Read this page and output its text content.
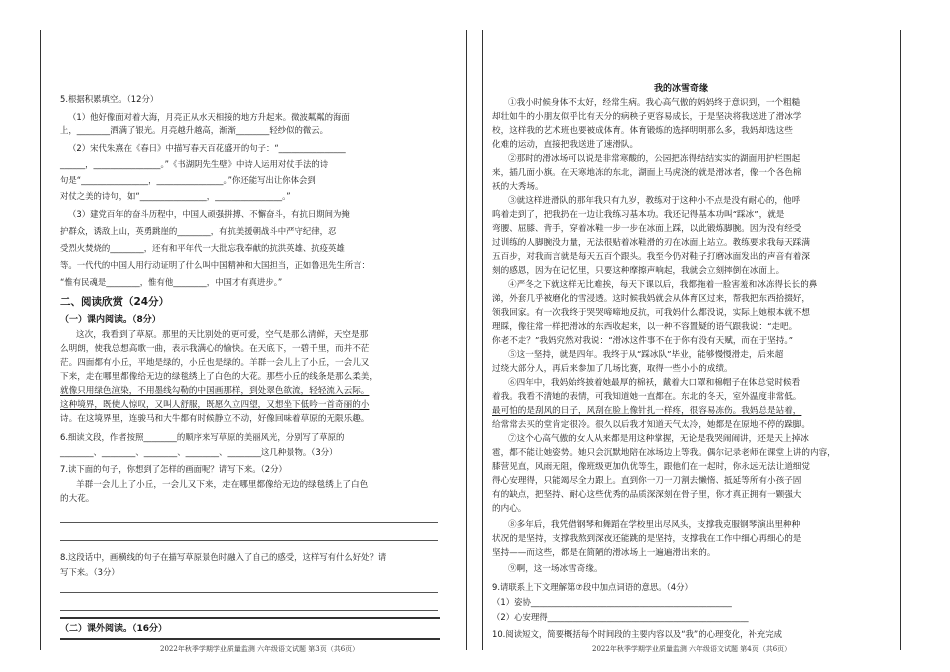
5.根据积累填空。（12分）
（1）他好像面对着大海，月亮正从水天相接的地方升起来。微波粼粼的海面
上，________洒满了银光。月亮越升越高，渐渐________轻纱似的微云。
（2）宋代朱熹在《春日》中描写春天百花盛开的句子：“________________
______，________________。”《书湖阴先生壁》中诗人运用对仗手法的诗
句是“________________，________________。”你还能写出让你体会到
对仗之美的诗句，如“________________，________________。”
（3）建党百年的奋斗历程中，中国人顽强拼搏、不懈奋斗，有抗日期间为掩
护群众，诱敌上山，英勇跳崖的________，有抗美援朝战斗中严守纪律，忍
受烈火焚烧的________，还有和平年代一大批忘我奉献的抗洪英雄、抗疫英雄
等。一代代的中国人用行动证明了什么叫中国精神和大国担当，正如鲁迅先生所言：
“惟有民魂是________，惟有他________，中国才有真进步。”
二、阅读欣赏（24分）
（一）课内阅读。（8分）
这次，我看到了草原。那里的天比别处的更可爱，空气是那么清鲜，天空是那
么明朗，使我总想高歌一曲，表示我满心的愉快。在天底下，一碧千里，而并不茫
茫。四面都有小丘，平地是绿的，小丘也是绿的。羊群一会儿上了小丘，一会儿又
下来，走在哪里都像给无边的绿毯绣上了白色的大花。那些小丘的线条是那么柔美，
就像只用绿色渲染，不用墨线勾勒的中国画那样，到处翠色欲流，轻轻流入云际。
这种境界，既使人惊叹，又叫人舒服，既愿久立四望，又想坐下低吟一首奇丽的小
诗。在这境界里，连骏马和大牛都有时候静立不动，好像回味着草原的无限乐趣。
6.细读文段，作者按照________的顺序来写草原的美丽风光，分别写了草原的
________、________、________、________、________这几种景物。（3分）
7.读下面的句子，你想到了怎样的画面呢？请写下来。（2分）
羊群一会儿上了小丘，一会儿又下来，走在哪里都像给无边的绿毯绣上了白色
的大花。
8.这段话中，画横线的句子在描写草原景色时融入了自己的感受，这样写有什么好处？请
写下来。（3分）
（二）课外阅读。（16分）
2022年秋季学期学业质量监测 六年级语文试题 第3页（共6页）
我的冰雪奇缘
①我小时候身体不太好，经常生病。我心高气傲的妈妈终于意识到，一个粗糙
却壮如牛的小朋友似乎比有天分的病秧子更容易成长，于是坚决将我送进了滑冰学
校，这样我的艺术班也要被成体育。体育锻炼的选择明明那么多，我妈却选这些
化难的运动，直接把我送进了速滑队。
②那时的滑冰场可以说是非常寒酸的，公园把冻得结结实实的湖面用护栏围起
来，插几面小旗。在天寒地冻的东北，湖面上马虎浇的就是滑冰者，像一个各色棉
袄的大秀场。
③就这样进滑队的那年我只有九岁，教练对于这种小不点是没有耐心的，他呼
呜着走到了，把我扔在一边让我练习基本功。我还记得基本功叫“踩冰”，就是
弯腰、屈膝、背手，穿着冰鞋一步一步在冰面上踩，以此锻炼脚腕。因为没有经受
过训练的人脚腕没力量，无法很贴着冰鞋滑的刃在冰面上站立。教练要求我每天踩满
五百步，对我而言就是每天五百个跟头。我至今仍对鞋子打磨冰面发出的声音有着深
刻的感恩，因为在记忆里，只要这种摩擦声响起，我就会立刻摔倒在冰面上。
④严冬之下就这样无比难挨，每天下课以后，我都拖着一脸害羞和冰冻得长长的鼻
涕，外套几乎被磨化的雪浸透。这时候我妈就会从体育区过来，帮我把东西拾掇好，
领我回家。有一次我终于哭哭啼啼地反抗，可我妈什么都没说，实际上她根本就不想
理睬，像往常一样把滑冰的东西收起来，以一种不容置疑的语气跟我说：“走吧。
你老不走？”我妈究然对我说：“滑冰这件事不在于你有没有天赋，而在于坚持。”
⑤这一坚持，就是四年。我终于从“踩冰队”毕业，能够慢慢滑走，后来超
过绕大部分人，再后来参加了几场比赛，取得一些小小的成绩。
⑥四年中，我妈始终披着她最厚的棉袄，戴着大口罩和棉帽子在体总觉时候看
着我。我看不清她的表情，可我知道她一直都在。东北的冬天，室外温度非常低。
最可怕的是刮风的日子，风刮在脸上像针扎一样疼，很容易冻伤。我妈总是站着，
给常常去买的堂肯定很冷。很久以后我才知道天气太冷，她都是在原地不停的跺脚。
⑦这个心高气傲的女人从来都是用这种掌握，无论是我哭闹闹讲，还是天上掉冰
雹，都不能让她姿势。她只会沉默地陪在冰场边上等我。偶尔记录老师在课堂上讲的内容，
膝营见直，风雨无阻，像班级更加仇优等生，跟他们在一起时，你永远无法让道细觉
得心安理得，只能竭尽全力跟上。直到你一刀一刀割去懒惰、抵延等所有小孩子固
有的缺点，把坚持、耐心这些优秀的品质深深刻在骨子里，你才真正拥有一颗强大
的内心。
⑧多年后，我凭借钢琴和舞蹈在学校里出尽风头，支撑我克服钢琴演出里种种
状况的是坚持，支撑我熬到深夜还能跳的是坚持，支撑我在工作中细心再细心的是
坚持——而这些，都是在简陋的滑冰场上一遍遍滑出来的。
⑨啊，这一场冰雪奇缘。
9.请联系上下文理解第⑦段中加点词语的意思。（4分）
（1）姿协________________________________________________
（2）心安理得________________________________________________
10.阅读短文，简要概括每个时间段的主要内容以及“我”的心理变化，补充完成
2022年秋季学期学业质量监测 六年级语文试题 第4页（共6页）
